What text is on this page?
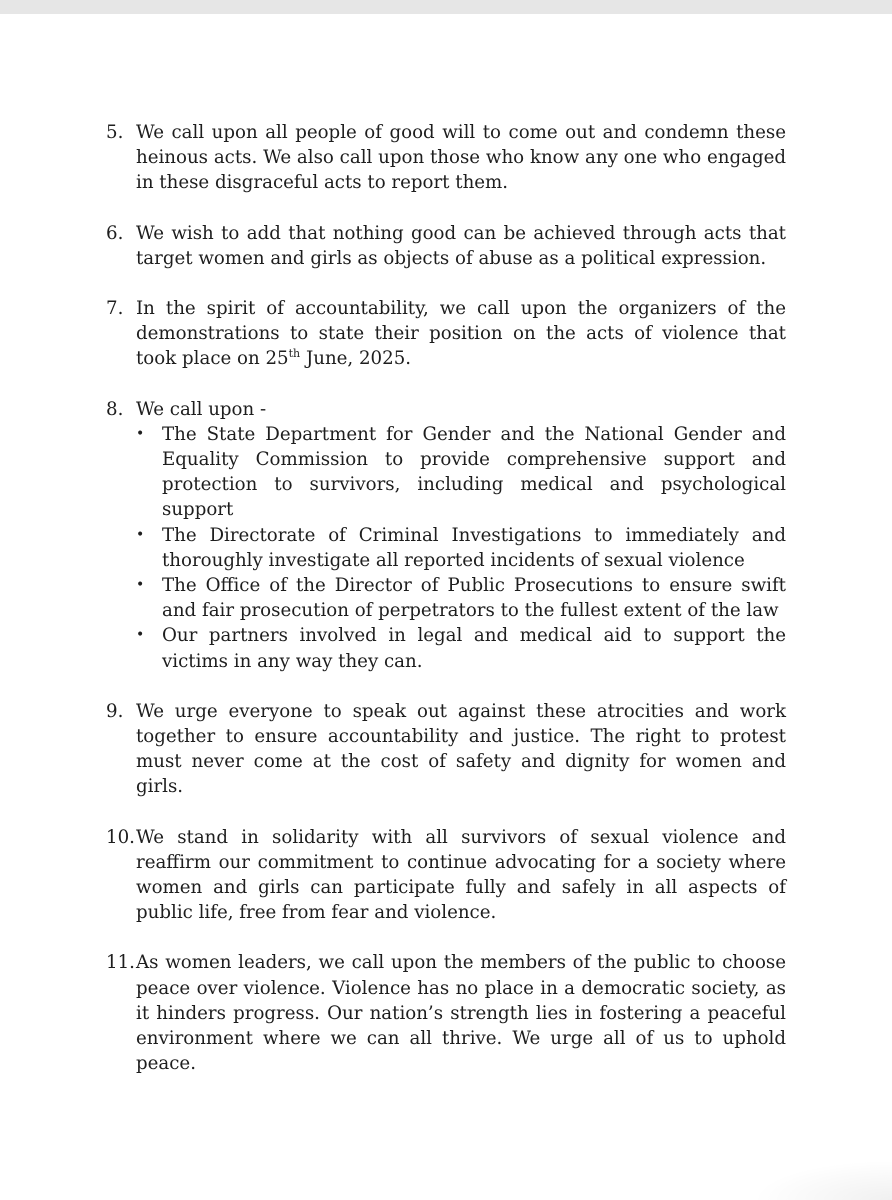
5. We call upon all people of good will to come out and condemn these heinous acts. We also call upon those who know any one who engaged in these disgraceful acts to report them.
6. We wish to add that nothing good can be achieved through acts that target women and girls as objects of abuse as a political expression.
7. In the spirit of accountability, we call upon the organizers of the demonstrations to state their position on the acts of violence that took place on 25th June, 2025.
8. We call upon -
• The State Department for Gender and the National Gender and Equality Commission to provide comprehensive support and protection to survivors, including medical and psychological support
• The Directorate of Criminal Investigations to immediately and thoroughly investigate all reported incidents of sexual violence
• The Office of the Director of Public Prosecutions to ensure swift and fair prosecution of perpetrators to the fullest extent of the law
• Our partners involved in legal and medical aid to support the victims in any way they can.
9. We urge everyone to speak out against these atrocities and work together to ensure accountability and justice. The right to protest must never come at the cost of safety and dignity for women and girls.
10. We stand in solidarity with all survivors of sexual violence and reaffirm our commitment to continue advocating for a society where women and girls can participate fully and safely in all aspects of public life, free from fear and violence.
11. As women leaders, we call upon the members of the public to choose peace over violence. Violence has no place in a democratic society, as it hinders progress. Our nation’s strength lies in fostering a peaceful environment where we can all thrive. We urge all of us to uphold peace.
